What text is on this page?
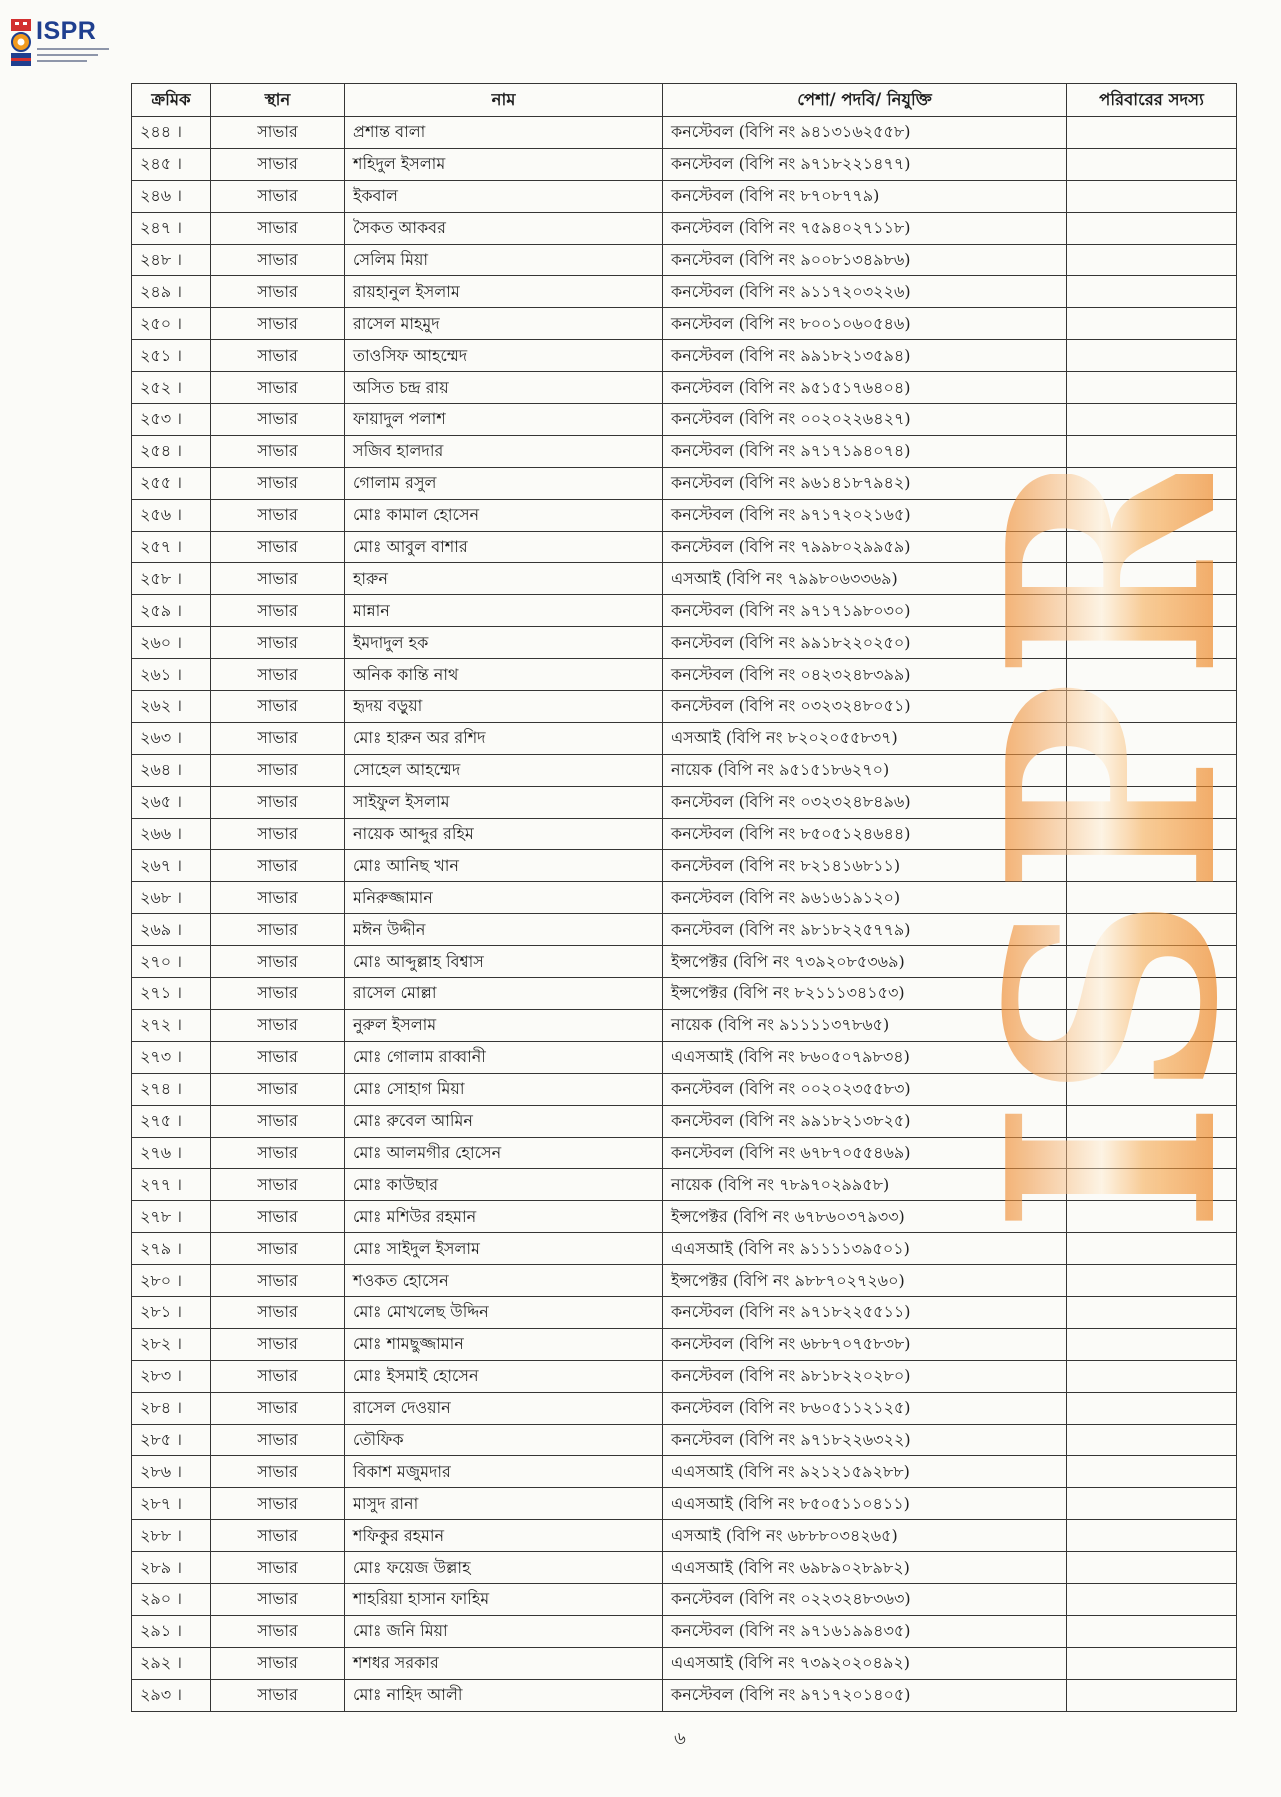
ISPR
ক্রমিক	স্থান	নাম	পেশা/ পদবি/ নিযুক্তি	পরিবারের সদস্য
২৪৪ ।	সাভার	প্রশান্ত বালা	কনস্টেবল (বিপি নং ৯৪১৩১৬২৫৫৮)	
২৪৫ ।	সাভার	শহিদুল ইসলাম	কনস্টেবল (বিপি নং ৯৭১৮২২১৪৭৭)	
২৪৬ ।	সাভার	ইকবাল	কনস্টেবল (বিপি নং ৮৭০৮৭৭৯)	
২৪৭ ।	সাভার	সৈকত আকবর	কনস্টেবল (বিপি নং ৭৫৯৪০২৭১১৮)	
২৪৮ ।	সাভার	সেলিম মিয়া	কনস্টেবল (বিপি নং ৯০০৮১৩৪৯৮৬)	
২৪৯ ।	সাভার	রায়হানুল ইসলাম	কনস্টেবল (বিপি নং ৯১১৭২০৩২২৬)	
২৫০ ।	সাভার	রাসেল মাহমুদ	কনস্টেবল (বিপি নং ৮০০১০৬০৫৪৬)	
২৫১ ।	সাভার	তাওসিফ আহম্মেদ	কনস্টেবল (বিপি নং ৯৯১৮২১৩৫৯৪)	
২৫২ ।	সাভার	অসিত চন্দ্র রায়	কনস্টেবল (বিপি নং ৯৫১৫১৭৬৪০৪)	
২৫৩ ।	সাভার	ফায়াদুল পলাশ	কনস্টেবল (বিপি নং ০০২০২২৬৪২৭)	
২৫৪ ।	সাভার	সজিব হালদার	কনস্টেবল (বিপি নং ৯৭১৭১৯৪০৭৪)	
২৫৫ ।	সাভার	গোলাম রসুল	কনস্টেবল (বিপি নং ৯৬১৪১৮৭৯৪২)	
২৫৬ ।	সাভার	মোঃ কামাল হোসেন	কনস্টেবল (বিপি নং ৯৭১৭২০২১৬৫)	
২৫৭ ।	সাভার	মোঃ আবুল বাশার	কনস্টেবল (বিপি নং ৭৯৯৮০২৯৯৫৯)	
২৫৮ ।	সাভার	হারুন	এসআই (বিপি নং ৭৯৯৮০৬৩৩৬৯)	
২৫৯ ।	সাভার	মান্নান	কনস্টেবল (বিপি নং ৯৭১৭১৯৮০৩০)	
২৬০ ।	সাভার	ইমদাদুল হক	কনস্টেবল (বিপি নং ৯৯১৮২২০২৫০)	
২৬১ ।	সাভার	অনিক কান্তি নাথ	কনস্টেবল (বিপি নং ০৪২৩২৪৮৩৯৯)	
২৬২ ।	সাভার	হৃদয় বড়ুয়া	কনস্টেবল (বিপি নং ০৩২৩২৪৮০৫১)	
২৬৩ ।	সাভার	মোঃ হারুন অর রশিদ	এসআই (বিপি নং ৮২০২০৫৫৮৩৭)	
২৬৪ ।	সাভার	সোহেল আহম্মেদ	নায়েক (বিপি নং ৯৫১৫১৮৬২৭০)	
২৬৫ ।	সাভার	সাইফুল ইসলাম	কনস্টেবল (বিপি নং ০৩২৩২৪৮৪৯৬)	
২৬৬ ।	সাভার	নায়েক আব্দুর রহিম	কনস্টেবল (বিপি নং ৮৫০৫১২৪৬৪৪)	
২৬৭ ।	সাভার	মোঃ আনিছ খান	কনস্টেবল (বিপি নং ৮২১৪১৬৮১১)	
২৬৮ ।	সাভার	মনিরুজ্জামান	কনস্টেবল (বিপি নং ৯৬১৬১৯১২০)	
২৬৯ ।	সাভার	মঈন উদ্দীন	কনস্টেবল (বিপি নং ৯৮১৮২২৫৭৭৯)	
২৭০ ।	সাভার	মোঃ আব্দুল্লাহ বিশ্বাস	ইন্সপেক্টর (বিপি নং ৭৩৯২০৮৫৩৬৯)	
২৭১ ।	সাভার	রাসেল মোল্লা	ইন্সপেক্টর (বিপি নং ৮২১১১৩৪১৫৩)	
২৭২ ।	সাভার	নুরুল ইসলাম	নায়েক (বিপি নং ৯১১১১৩৭৮৬৫)	
২৭৩ ।	সাভার	মোঃ গোলাম রাব্বানী	এএসআই (বিপি নং ৮৬০৫০৭৯৮৩৪)	
২৭৪ ।	সাভার	মোঃ সোহাগ মিয়া	কনস্টেবল (বিপি নং ০০২০২৩৫৫৮৩)	
২৭৫ ।	সাভার	মোঃ রুবেল আমিন	কনস্টেবল (বিপি নং ৯৯১৮২১৩৮২৫)	
২৭৬ ।	সাভার	মোঃ আলমগীর হোসেন	কনস্টেবল (বিপি নং ৬৭৮৭০৫৫৪৬৯)	
২৭৭ ।	সাভার	মোঃ কাউছার	নায়েক (বিপি নং ৭৮৯৭০২৯৯৫৮)	
২৭৮ ।	সাভার	মোঃ মশিউর রহমান	ইন্সপেক্টর (বিপি নং ৬৭৮৬০৩৭৯৩৩)	
২৭৯ ।	সাভার	মোঃ সাইদুল ইসলাম	এএসআই (বিপি নং ৯১১১১৩৯৫০১)	
২৮০ ।	সাভার	শওকত হোসেন	ইন্সপেক্টর (বিপি নং ৯৮৮৭০২৭২৬০)	
২৮১ ।	সাভার	মোঃ মোখলেছ উদ্দিন	কনস্টেবল (বিপি নং ৯৭১৮২২৫৫১১)	
২৮২ ।	সাভার	মোঃ শামছুজ্জামান	কনস্টেবল (বিপি নং ৬৮৮৭০৭৫৮৩৮)	
২৮৩ ।	সাভার	মোঃ ইসমাই হোসেন	কনস্টেবল (বিপি নং ৯৮১৮২২০২৮০)	
২৮৪ ।	সাভার	রাসেল দেওয়ান	কনস্টেবল (বিপি নং ৮৬০৫১১২১২৫)	
২৮৫ ।	সাভার	তৌফিক	কনস্টেবল (বিপি নং ৯৭১৮২২৬৩২২)	
২৮৬ ।	সাভার	বিকাশ মজুমদার	এএসআই (বিপি নং ৯২১২১৫৯২৮৮)	
২৮৭ ।	সাভার	মাসুদ রানা	এএসআই (বিপি নং ৮৫০৫১১০৪১১)	
২৮৮ ।	সাভার	শফিকুর রহমান	এসআই (বিপি নং ৬৮৮৮০৩৪২৬৫)	
২৮৯ ।	সাভার	মোঃ ফয়েজ উল্লাহ	এএসআই (বিপি নং ৬৯৮৯০২৮৯৮২)	
২৯০ ।	সাভার	শাহরিয়া হাসান ফাহিম	কনস্টেবল (বিপি নং ০২২৩২৪৮৩৬৩)	
২৯১ ।	সাভার	মোঃ জনি মিয়া	কনস্টেবল (বিপি নং ৯৭১৬১৯৯৪৩৫)	
২৯২ ।	সাভার	শশধর সরকার	এএসআই (বিপি নং ৭৩৯২০২০৪৯২)	
২৯৩ ।	সাভার	মোঃ নাহিদ আলী	কনস্টেবল (বিপি নং ৯৭১৭২০১৪০৫)	
ISPR
৬
